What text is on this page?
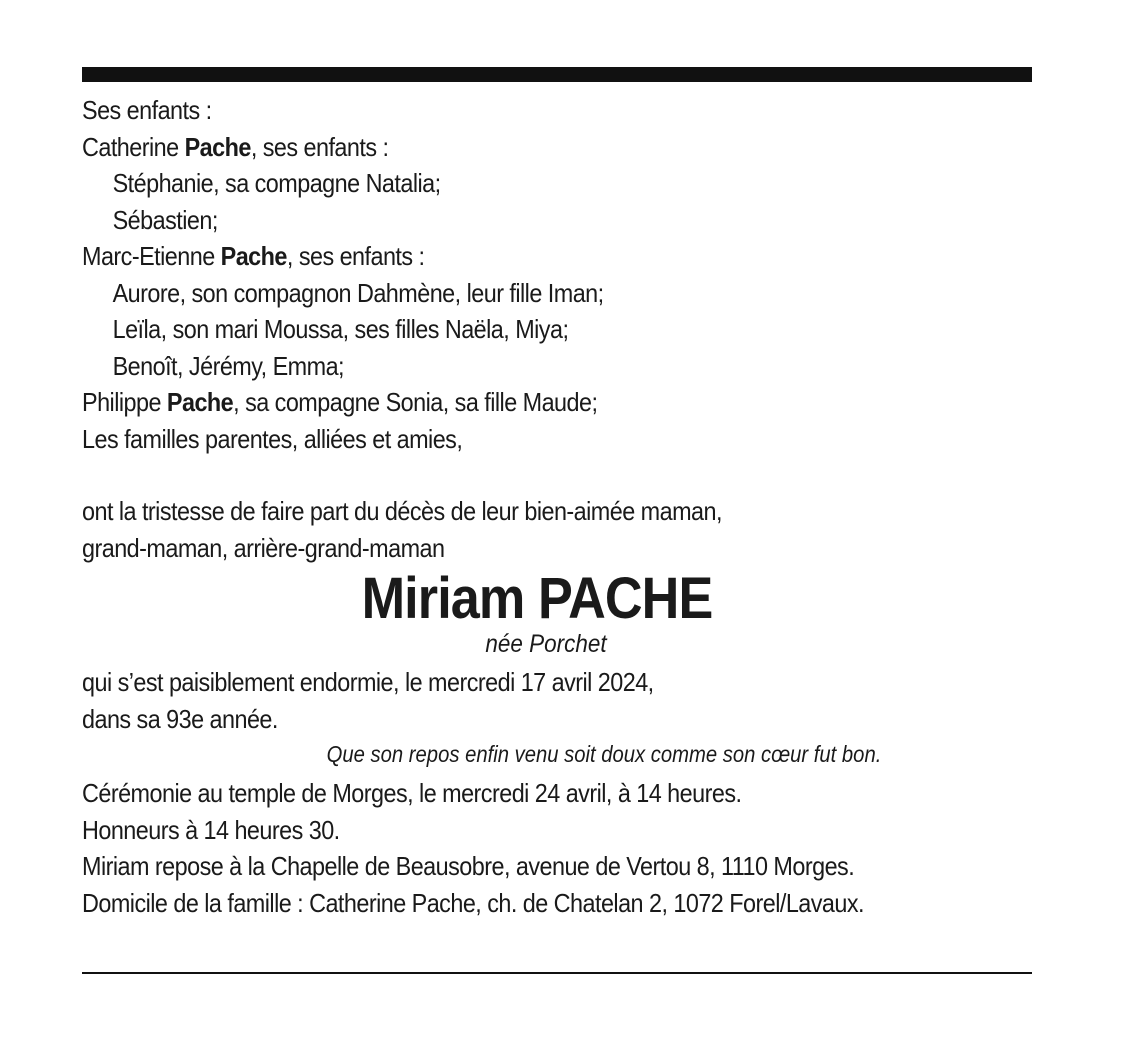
Ses enfants :
Catherine Pache, ses enfants :
Stéphanie, sa compagne Natalia;
Sébastien;
Marc-Etienne Pache, ses enfants :
Aurore, son compagnon Dahmène, leur fille Iman;
Leïla, son mari Moussa, ses filles Naëla, Miya;
Benoît, Jérémy, Emma;
Philippe Pache, sa compagne Sonia, sa fille Maude;
Les familles parentes, alliées et amies,
ont la tristesse de faire part du décès de leur bien-aimée maman,
grand-maman, arrière-grand-maman
Miriam PACHE
née Porchet
qui s’est paisiblement endormie, le mercredi 17 avril 2024,
dans sa 93e année.
Que son repos enfin venu soit doux comme son cœur fut bon.
Cérémonie au temple de Morges, le mercredi 24 avril, à 14 heures.
Honneurs à 14 heures 30.
Miriam repose à la Chapelle de Beausobre, avenue de Vertou 8, 1110 Morges.
Domicile de la famille : Catherine Pache, ch. de Chatelan 2, 1072 Forel/Lavaux.
